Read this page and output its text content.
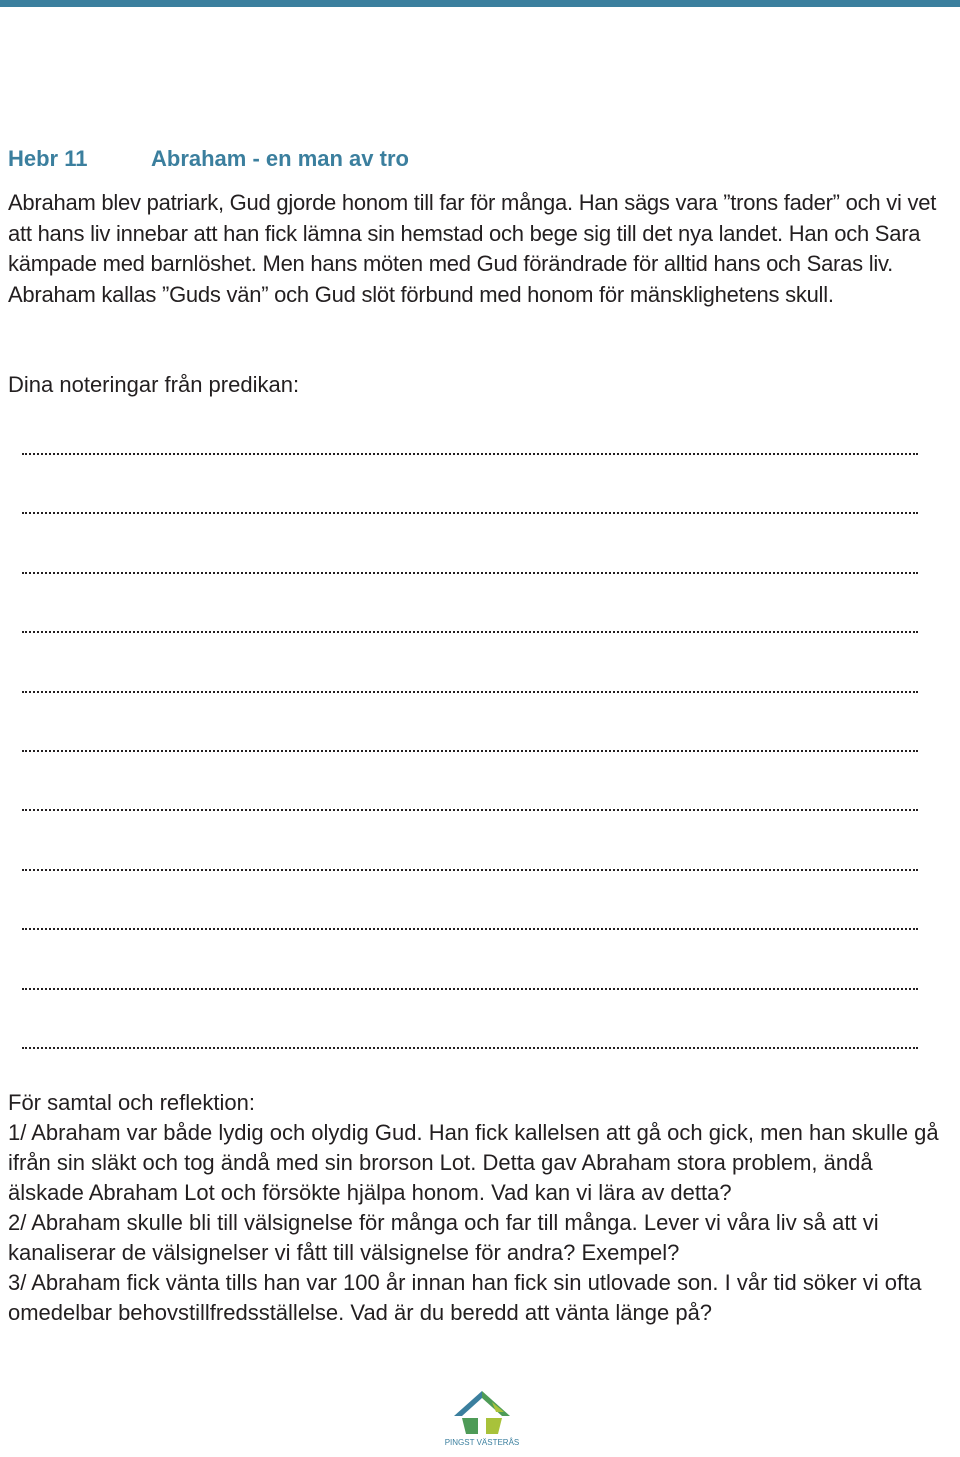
Hebr 11	Abraham - en man av tro

Abraham blev patriark, Gud gjorde honom till far för många. Han sägs vara ”trons fader” och vi vet att hans liv innebar att han fick lämna sin hemstad och bege sig till det nya landet. Han och Sara kämpade med barnlöshet. Men hans möten med Gud förändrade för alltid hans och Saras liv. Abraham kallas ”Guds vän” och Gud slöt förbund med honom för mänsklighetens skull.

Dina noteringar från predikan:

För samtal och reflektion:

1/ Abraham var både lydig och olydig Gud. Han fick kallelsen att gå och gick, men han skulle gå ifrån sin släkt och tog ändå med sin brorson Lot. Detta gav Abraham stora problem, ändå älskade Abraham Lot och försökte hjälpa honom. Vad kan vi lära av detta?

2/ Abraham skulle bli till välsignelse för många och far till många. Lever vi våra liv så att vi kanaliserar de välsignelser vi fått till välsignelse för andra? Exempel?

3/ Abraham fick vänta tills han var 100 år innan han fick sin utlovade son. I vår tid söker vi ofta omedelbar behovstillfredsställelse. Vad är du beredd att vänta länge på?

PINGST VÄSTERÅS
